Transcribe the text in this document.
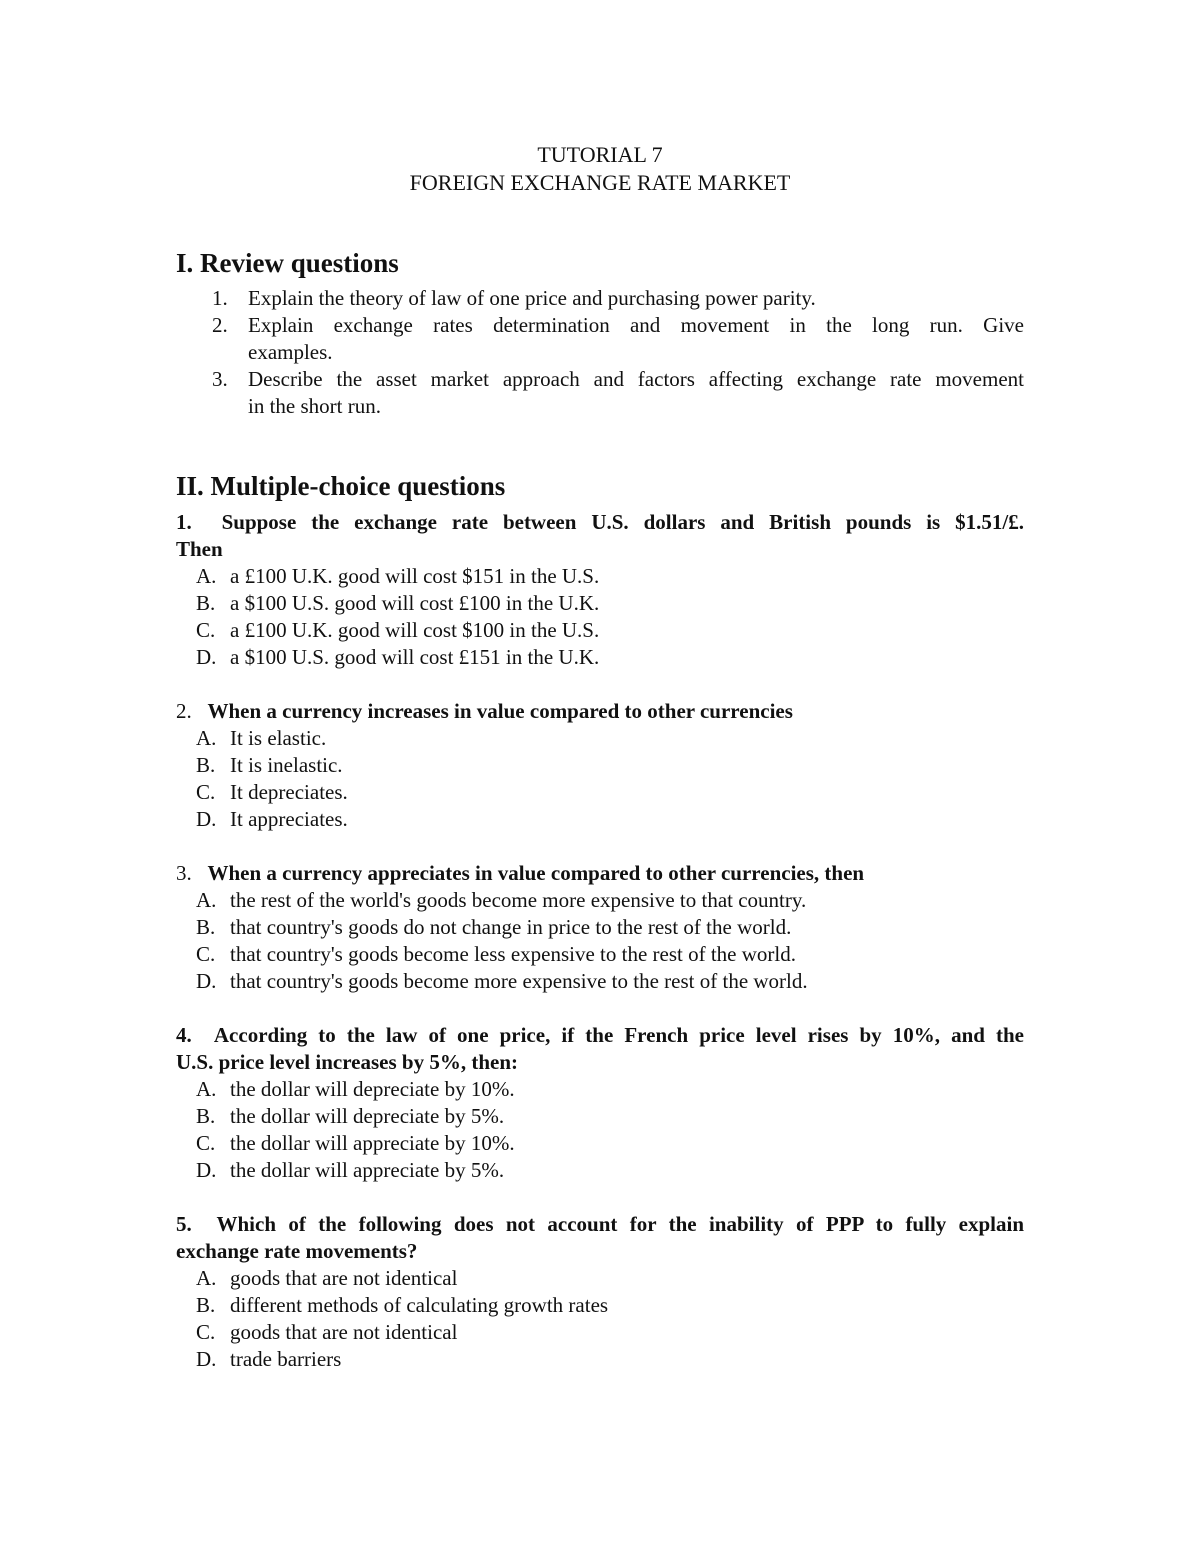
TUTORIAL 7
FOREIGN EXCHANGE RATE MARKET
I. Review questions
1. Explain the theory of law of one price and purchasing power parity.
2. Explain exchange rates determination and movement in the long run. Give
examples.
3. Describe the asset market approach and factors affecting exchange rate movement
in the short run.
II. Multiple-choice questions
1. Suppose the exchange rate between U.S. dollars and British pounds is $1.51/£.
Then
A. a £100 U.K. good will cost $151 in the U.S.
B. a $100 U.S. good will cost £100 in the U.K.
C. a £100 U.K. good will cost $100 in the U.S.
D. a $100 U.S. good will cost £151 in the U.K.
2. When a currency increases in value compared to other currencies
A. It is elastic.
B. It is inelastic.
C. It depreciates.
D. It appreciates.
3. When a currency appreciates in value compared to other currencies, then
A. the rest of the world's goods become more expensive to that country.
B. that country's goods do not change in price to the rest of the world.
C. that country's goods become less expensive to the rest of the world.
D. that country's goods become more expensive to the rest of the world.
4. According to the law of one price, if the French price level rises by 10%, and the
U.S. price level increases by 5%, then:
A. the dollar will depreciate by 10%.
B. the dollar will depreciate by 5%.
C. the dollar will appreciate by 10%.
D. the dollar will appreciate by 5%.
5. Which of the following does not account for the inability of PPP to fully explain
exchange rate movements?
A. goods that are not identical
B. different methods of calculating growth rates
C. goods that are not identical
D. trade barriers
